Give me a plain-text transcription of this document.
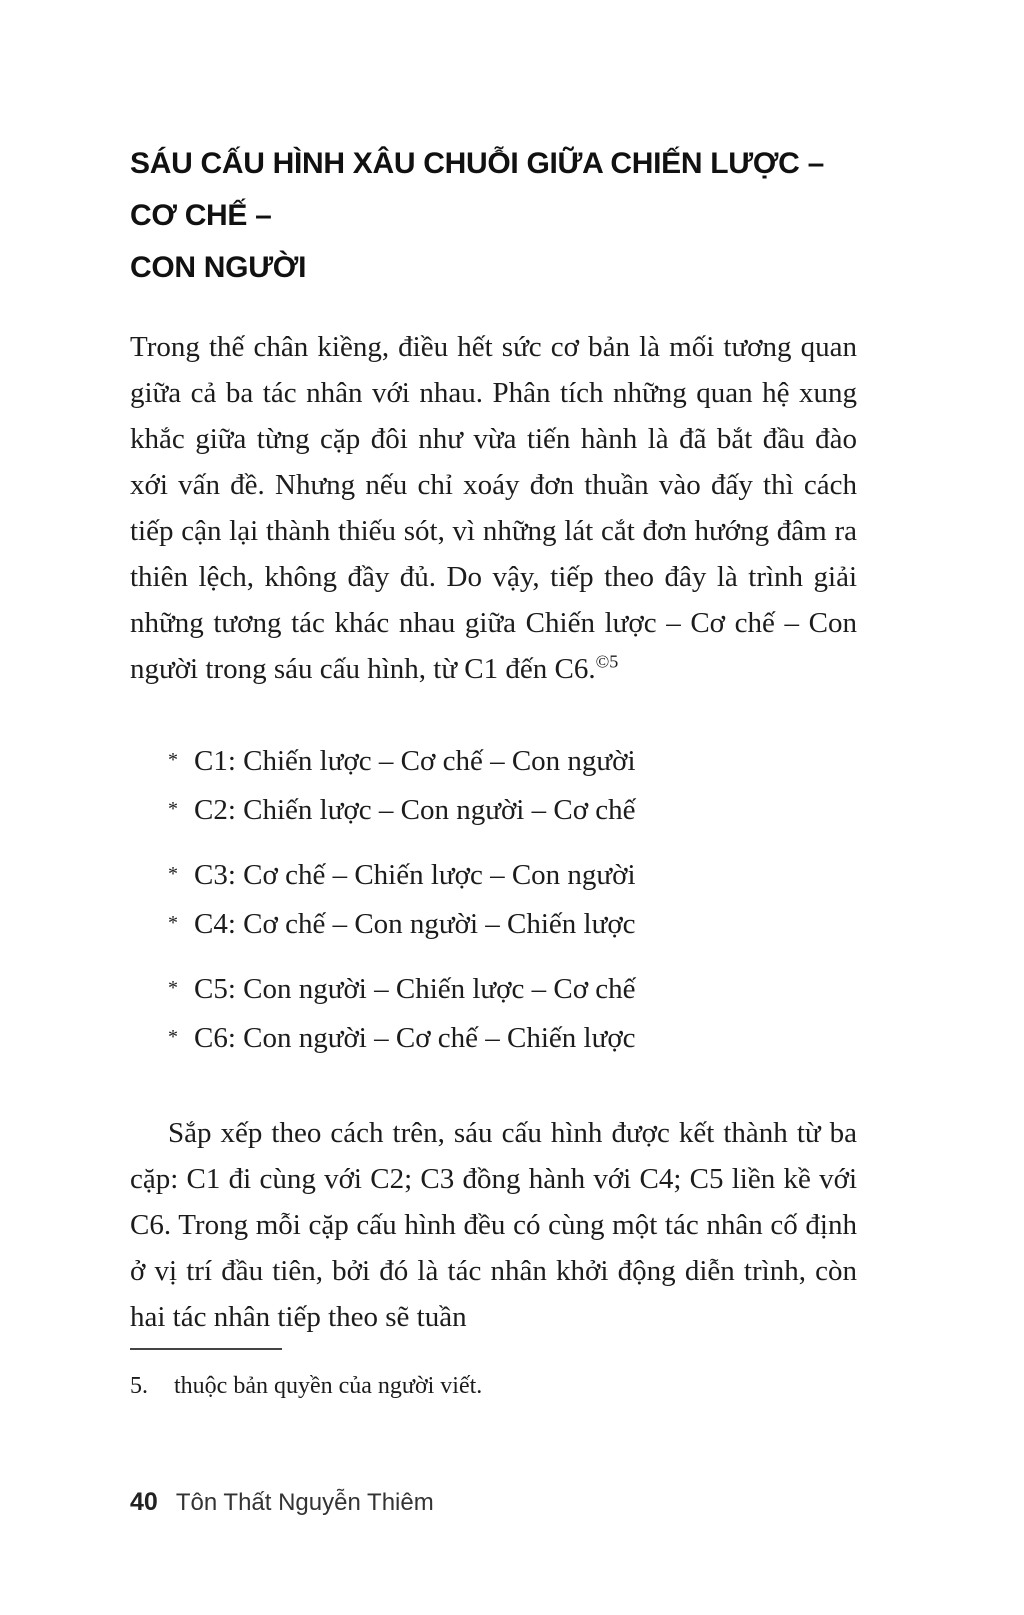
SÁU CẤU HÌNH XÂU CHUỖI GIỮA CHIẾN LƯỢC – CƠ CHẾ –
CON NGƯỜI

Trong thế chân kiềng, điều hết sức cơ bản là mối tương quan giữa cả ba tác nhân với nhau. Phân tích những quan hệ xung khắc giữa từng cặp đôi như vừa tiến hành là đã bắt đầu đào xới vấn đề. Nhưng nếu chỉ xoáy đơn thuần vào đấy thì cách tiếp cận lại thành thiếu sót, vì những lát cắt đơn hướng đâm ra thiên lệch, không đầy đủ. Do vậy, tiếp theo đây là trình giải những tương tác khác nhau giữa Chiến lược – Cơ chế – Con người trong sáu cấu hình, từ C1 đến C6.$^{©5}$

* C1: Chiến lược – Cơ chế – Con người
* C2: Chiến lược – Con người – Cơ chế
* C3: Cơ chế – Chiến lược – Con người
* C4: Cơ chế – Con người – Chiến lược
* C5: Con người – Chiến lược – Cơ chế
* C6: Con người – Cơ chế – Chiến lược

Sắp xếp theo cách trên, sáu cấu hình được kết thành từ ba cặp: C1 đi cùng với C2; C3 đồng hành với C4; C5 liền kề với C6. Trong mỗi cặp cấu hình đều có cùng một tác nhân cố định ở vị trí đầu tiên, bởi đó là tác nhân khởi động diễn trình, còn hai tác nhân tiếp theo sẽ tuần

5.	thuộc bản quyền của người viết.
40 Tôn Thất Nguyễn Thiêm
